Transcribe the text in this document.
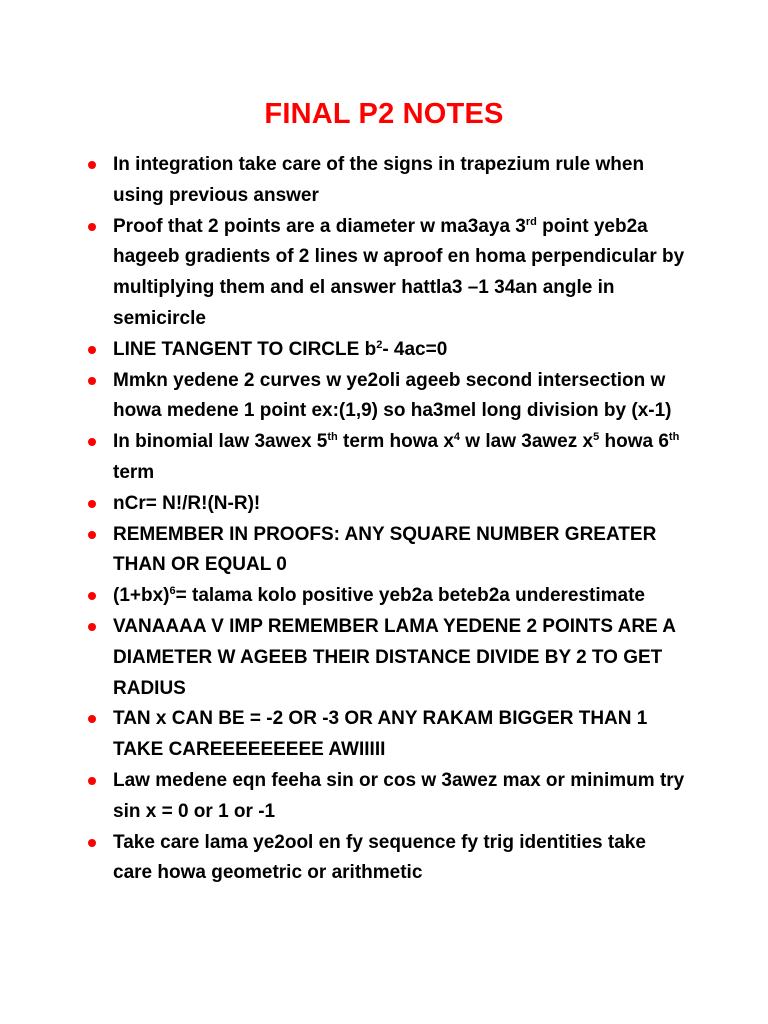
FINAL P2 NOTES
In integration take care of the signs in trapezium rule when using previous answer
Proof that 2 points are a diameter w ma3aya 3rd point yeb2a hageeb gradients of 2 lines w aproof en homa perpendicular by multiplying them and el answer hattla3 –1 34an angle in semicircle
LINE TANGENT TO CIRCLE $b^2-$ 4ac=0
Mmkn yedene 2 curves w ye2oli ageeb second intersection w howa medene 1 point ex:(1,9) so ha3mel long division by (x-1)
In binomial law 3awex 5th term howa $x^4$ w law 3awez $x^5$ howa 6th term
nCr= N!/R!(N-R)!
REMEMBER IN PROOFS: ANY SQUARE NUMBER GREATER THAN OR EQUAL 0
$(1+bx)^6=$ talama kolo positive yeb2a beteb2a underestimate
VANAAAA V IMP REMEMBER LAMA YEDENE 2 POINTS ARE A DIAMETER W AGEEB THEIR DISTANCE DIVIDE BY 2 TO GET RADIUS
TAN x CAN BE = -2 OR -3 OR ANY RAKAM BIGGER THAN 1 TAKE CAREEEEEEEEE AWIIIII
Law medene eqn feeha sin or cos w 3awez max or minimum try sin x = 0 or 1 or -1
Take care lama ye2ool en fy sequence fy trig identities take care howa geometric or arithmetic
